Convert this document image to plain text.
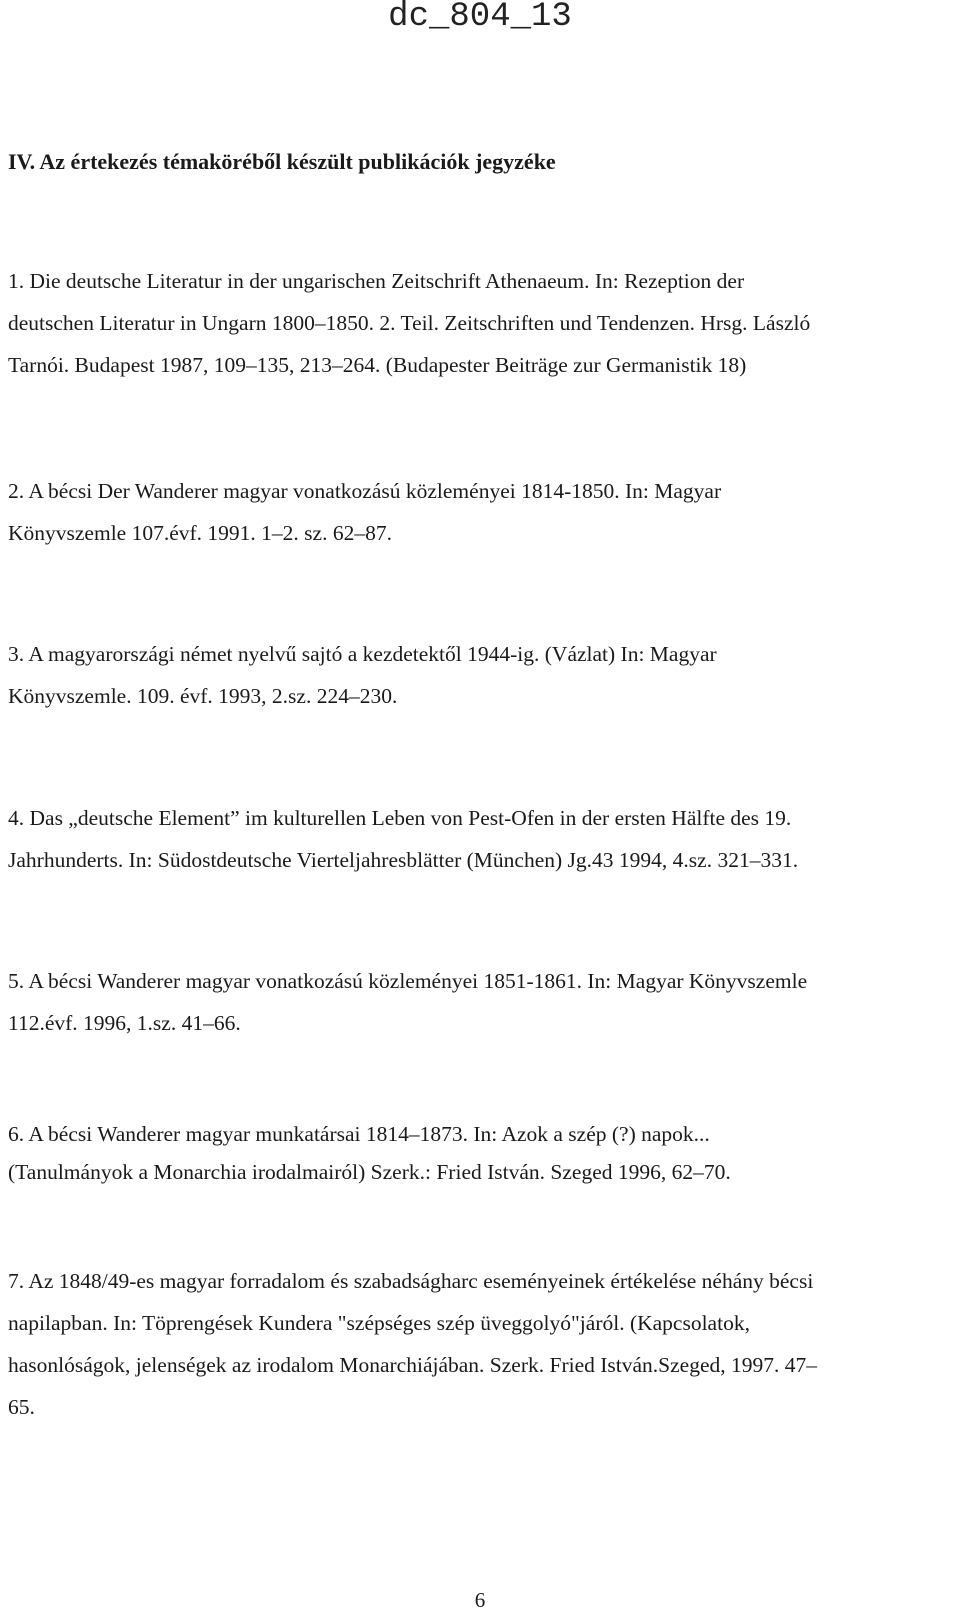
dc_804_13
IV. Az értekezés témaköréből készült publikációk jegyzéke
1. Die deutsche Literatur in der ungarischen Zeitschrift Athenaeum. In: Rezeption der
deutschen Literatur in Ungarn 1800–1850. 2. Teil. Zeitschriften und Tendenzen. Hrsg. László
Tarnói. Budapest 1987, 109–135, 213–264. (Budapester Beiträge zur Germanistik 18)
2. A bécsi Der Wanderer magyar vonatkozású közleményei 1814-1850. In: Magyar
Könyvszemle 107.évf. 1991. 1–2. sz. 62–87.
3. A magyarországi német nyelvű sajtó a kezdetektől 1944-ig. (Vázlat) In: Magyar
Könyvszemle. 109. évf. 1993, 2.sz. 224–230.
4. Das „deutsche Element” im kulturellen Leben von Pest-Ofen in der ersten Hälfte des 19.
Jahrhunderts. In: Südostdeutsche Vierteljahresblätter (München) Jg.43 1994, 4.sz. 321–331.
5. A bécsi Wanderer magyar vonatkozású közleményei 1851-1861. In: Magyar Könyvszemle
112.évf. 1996, 1.sz. 41–66.
6. A bécsi Wanderer magyar munkatársai 1814–1873. In: Azok a szép (?) napok...
(Tanulmányok a Monarchia irodalmairól) Szerk.: Fried István. Szeged 1996, 62–70.
7. Az 1848/49-es magyar forradalom és szabadságharc eseményeinek értékelése néhány bécsi
napilapban. In: Töprengések Kundera "szépséges szép üveggolyó"járól. (Kapcsolatok,
hasonlóságok, jelenségek az irodalom Monarchiájában. Szerk. Fried István.Szeged, 1997. 47–
65.
6
